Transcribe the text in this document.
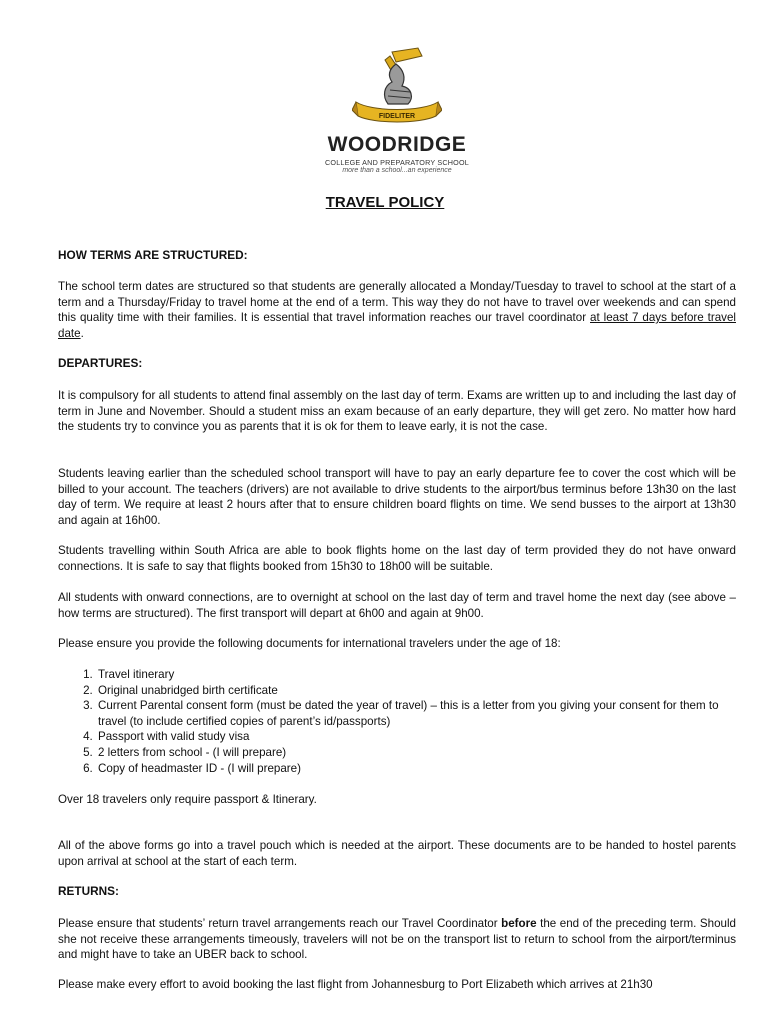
FIDELITER
WOODRIDGE
COLLEGE AND PREPARATORY SCHOOL
more than a school...an experience
TRAVEL POLICY

HOW TERMS ARE STRUCTURED:

The school term dates are structured so that students are generally allocated a Monday/Tuesday to travel to school at the start of a term and a Thursday/Friday to travel home at the end of a term. This way they do not have to travel over weekends and can spend this quality time with their families. It is essential that travel information reaches our travel coordinator at least 7 days before travel date.

DEPARTURES:

It is compulsory for all students to attend final assembly on the last day of term. Exams are written up to and including the last day of term in June and November. Should a student miss an exam because of an early departure, they will get zero. No matter how hard the students try to convince you as parents that it is ok for them to leave early, it is not the case.

Students leaving earlier than the scheduled school transport will have to pay an early departure fee to cover the cost which will be billed to your account. The teachers (drivers) are not available to drive students to the airport/bus terminus before 13h30 on the last day of term. We require at least 2 hours after that to ensure children board flights on time. We send busses to the airport at 13h30 and again at 16h00.

Students travelling within South Africa are able to book flights home on the last day of term provided they do not have onward connections. It is safe to say that flights booked from 15h30 to 18h00 will be suitable.

All students with onward connections, are to overnight at school on the last day of term and travel home the next day (see above – how terms are structured). The first transport will depart at 6h00 and again at 9h00.

Please ensure you provide the following documents for international travelers under the age of 18:

1. Travel itinerary
2. Original unabridged birth certificate
3. Current Parental consent form (must be dated the year of travel) – this is a letter from you giving your consent for them to travel (to include certified copies of parent’s id/passports)
4. Passport with valid study visa
5. 2 letters from school - (I will prepare)
6. Copy of headmaster ID - (I will prepare)

Over 18 travelers only require passport & Itinerary.

All of the above forms go into a travel pouch which is needed at the airport. These documents are to be handed to hostel parents upon arrival at school at the start of each term.

RETURNS:

Please ensure that students’ return travel arrangements reach our Travel Coordinator before the end of the preceding term. Should she not receive these arrangements timeously, travelers will not be on the transport list to return to school from the airport/terminus and might have to take an UBER back to school.

Please make every effort to avoid booking the last flight from Johannesburg to Port Elizabeth which arrives at 21h30
